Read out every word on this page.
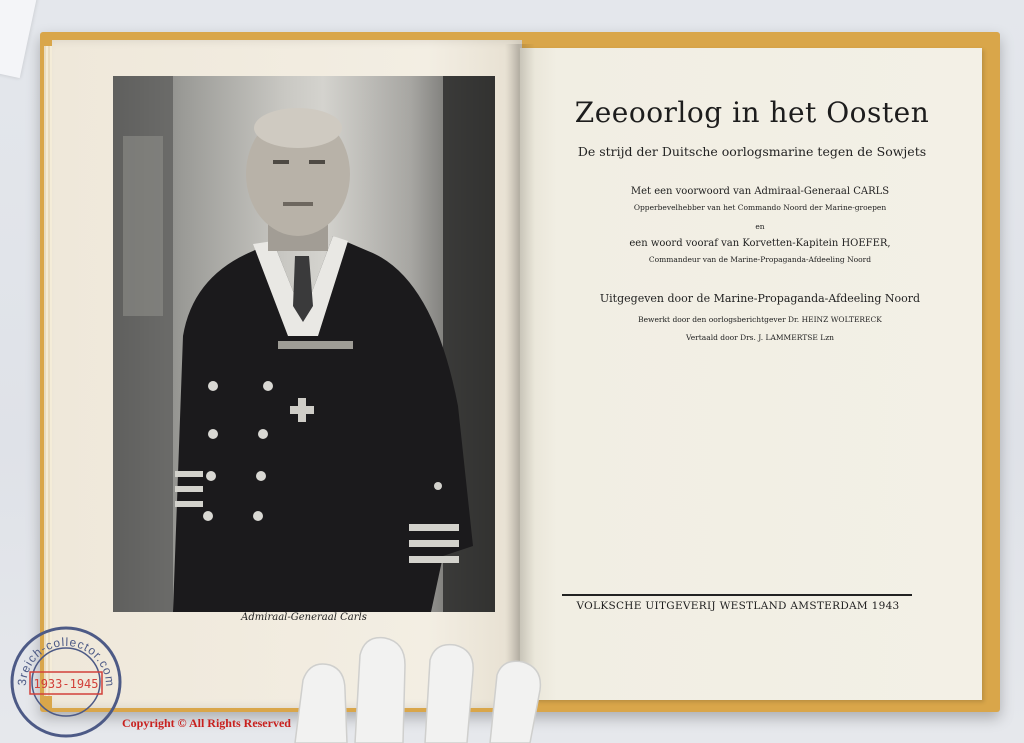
Admiraal-Generaal Carls
Zeeoorlog in het Oosten
De strijd der Duitsche oorlogsmarine tegen de Sowjets
Met een voorwoord van Admiraal-Generaal CARLS
Opperbevelhebber van het Commando Noord der Marine-groepen
en
een woord vooraf van Korvetten-Kapitein HOEFER,
Commandeur van de Marine-Propaganda-Afdeeling Noord
Uitgegeven door de Marine-Propaganda-Afdeeling Noord
Bewerkt door den oorlogsberichtgever Dr. HEINZ WOLTERECK
Vertaald door Drs. J. LAMMERTSE Lzn
VOLKSCHE UITGEVERIJ WESTLAND AMSTERDAM 1943
3reich-collector.com
1933-1945
Copyright © All Rights Reserved
